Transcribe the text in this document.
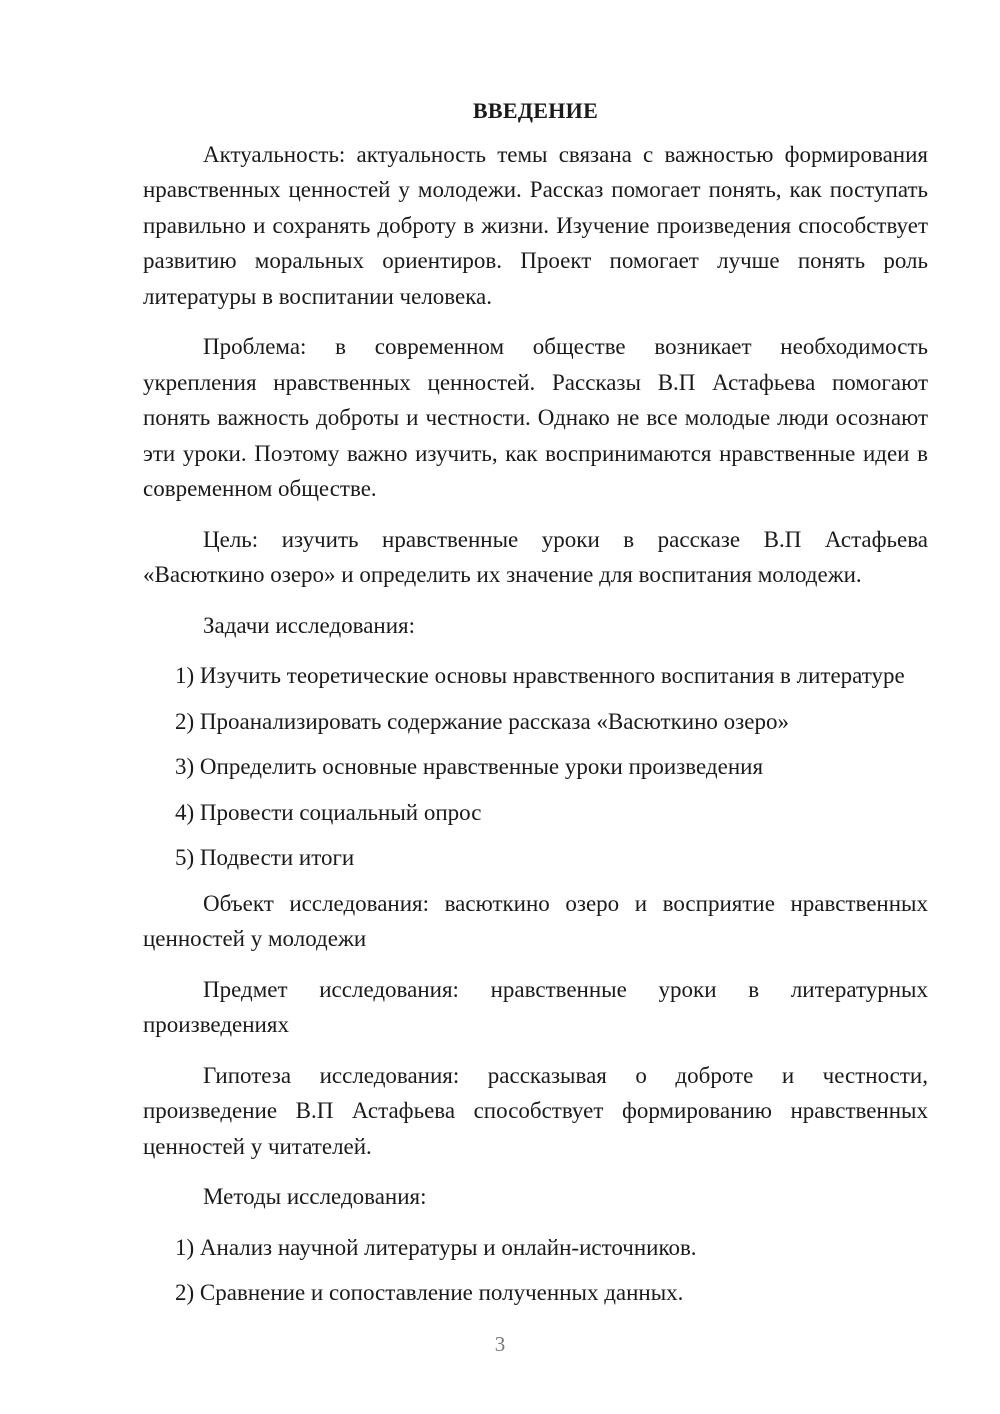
ВВЕДЕНИЕ

Актуальность: актуальность темы связана с важностью формирования нравственных ценностей у молодежи. Рассказ помогает понять, как поступать правильно и сохранять доброту в жизни. Изучение произведения способствует развитию моральных ориентиров. Проект помогает лучше понять роль литературы в воспитании человека.

Проблема: в современном обществе возникает необходимость укрепления нравственных ценностей. Рассказы В.П Астафьева помогают понять важность доброты и честности. Однако не все молодые люди осознают эти уроки. Поэтому важно изучить, как воспринимаются нравственные идеи в современном обществе.

Цель: изучить нравственные уроки в рассказе В.П Астафьева «Васюткино озеро» и определить их значение для воспитания молодежи.

Задачи исследования:

1) Изучить теоретические основы нравственного воспитания в литературе

2) Проанализировать содержание рассказа «Васюткино озеро»

3) Определить основные нравственные уроки произведения

4) Провести социальный опрос

5) Подвести итоги

Объект исследования: васюткино озеро и восприятие нравственных ценностей у молодежи

Предмет исследования: нравственные уроки в литературных произведениях

Гипотеза исследования: рассказывая о доброте и честности, произведение В.П Астафьева способствует формированию нравственных ценностей у читателей.

Методы исследования:

1) Анализ научной литературы и онлайн-источников.

2) Сравнение и сопоставление полученных данных.

3
